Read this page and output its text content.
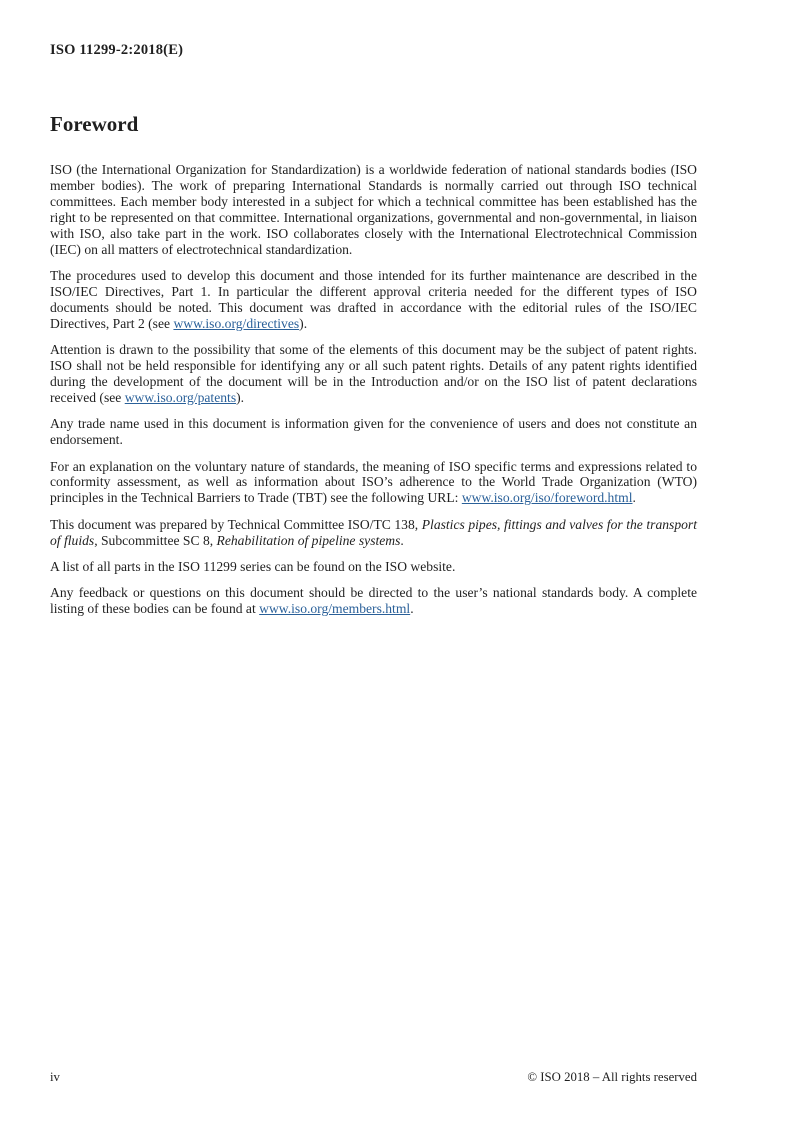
ISO 11299-2:2018(E)
Foreword

ISO (the International Organization for Standardization) is a worldwide federation of national standards bodies (ISO member bodies). The work of preparing International Standards is normally carried out through ISO technical committees. Each member body interested in a subject for which a technical committee has been established has the right to be represented on that committee. International organizations, governmental and non-governmental, in liaison with ISO, also take part in the work. ISO collaborates closely with the International Electrotechnical Commission (IEC) on all matters of electrotechnical standardization.

The procedures used to develop this document and those intended for its further maintenance are described in the ISO/IEC Directives, Part 1. In particular the different approval criteria needed for the different types of ISO documents should be noted. This document was drafted in accordance with the editorial rules of the ISO/IEC Directives, Part 2 (see www.iso.org/directives).

Attention is drawn to the possibility that some of the elements of this document may be the subject of patent rights. ISO shall not be held responsible for identifying any or all such patent rights. Details of any patent rights identified during the development of the document will be in the Introduction and/or on the ISO list of patent declarations received (see www.iso.org/patents).

Any trade name used in this document is information given for the convenience of users and does not constitute an endorsement.

For an explanation on the voluntary nature of standards, the meaning of ISO specific terms and expressions related to conformity assessment, as well as information about ISO’s adherence to the World Trade Organization (WTO) principles in the Technical Barriers to Trade (TBT) see the following URL: www.iso.org/iso/foreword.html.

This document was prepared by Technical Committee ISO/TC 138, Plastics pipes, fittings and valves for the transport of fluids, Subcommittee SC 8, Rehabilitation of pipeline systems.

A list of all parts in the ISO 11299 series can be found on the ISO website.

Any feedback or questions on this document should be directed to the user’s national standards body. A complete listing of these bodies can be found at www.iso.org/members.html.

iv	© ISO 2018 – All rights reserved
